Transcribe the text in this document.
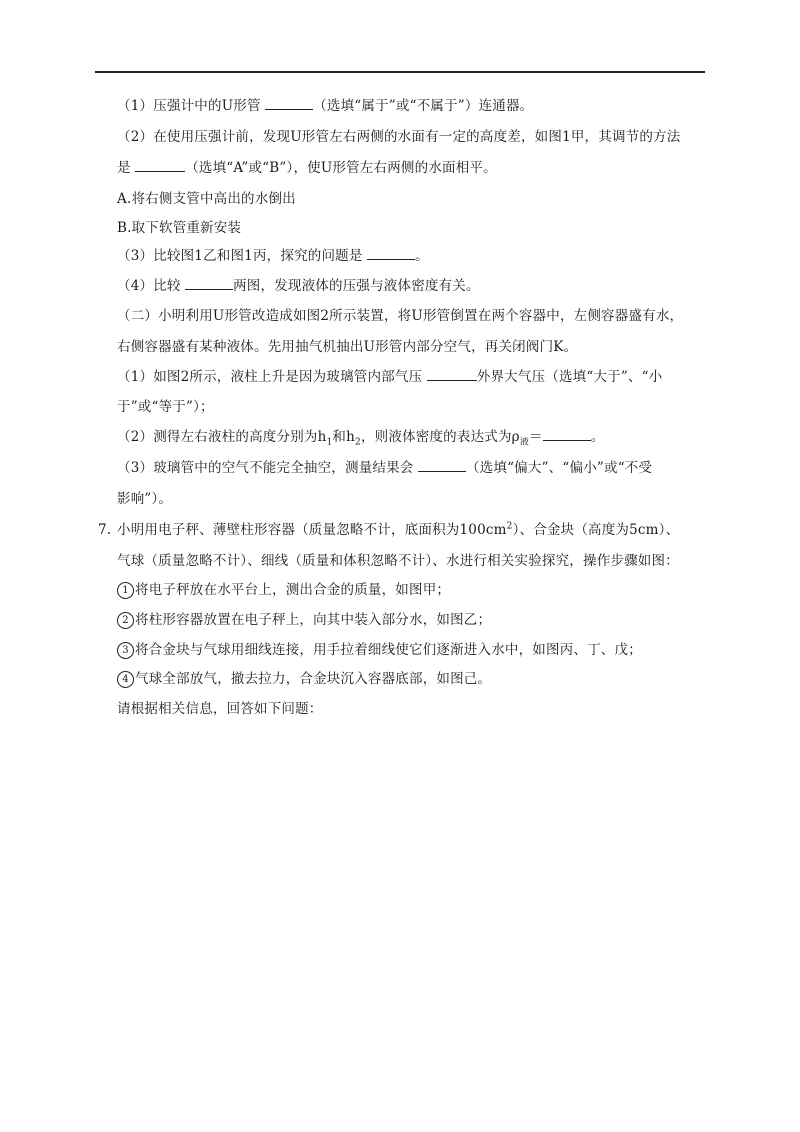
（1）压强计中的U形管	（选填“属于”或“不属于”）连通器。
（2）在使用压强计前，发现U形管左右两侧的水面有一定的高度差，如图1甲，其调节的方法
是	（选填“A”或“B”），使U形管左右两侧的水面相平。
A.将右侧支管中高出的水倒出
B.取下软管重新安装
（3）比较图1乙和图1丙，探究的问题是	。
（4）比较	两图，发现液体的压强与液体密度有关。
（二）小明利用U形管改造成如图2所示装置，将U形管倒置在两个容器中，左侧容器盛有水，
右侧容器盛有某种液体。先用抽气机抽出U形管内部分空气，再关闭阀门K。
（1）如图2所示，液柱上升是因为玻璃管内部气压	外界大气压（选填“大于”、“小
于”或“等于”）；
（2）测得左右液柱的高度分别为$h_1$和$h_2$，则液体密度的表达式为$\rho_液=$	。
（3）玻璃管中的空气不能完全抽空，测量结果会	（选填“偏大”、“偏小”或“不受
影响”）。
7. 小明用电子秤、薄壁柱形容器（质量忽略不计，底面积为$100cm^2$）、合金块（高度为5cm）、
气球（质量忽略不计）、细线（质量和体积忽略不计）、水进行相关实验探究，操作步骤如图：
1 将电子秤放在水平台上，测出合金的质量，如图甲；
2 将柱形容器放置在电子秤上，向其中装入部分水，如图乙；
3 将合金块与气球用细线连接，用手拉着细线使它们逐渐进入水中，如图丙、丁、戊；
4 气球全部放气，撤去拉力，合金块沉入容器底部，如图己。
请根据相关信息，回答如下问题：
